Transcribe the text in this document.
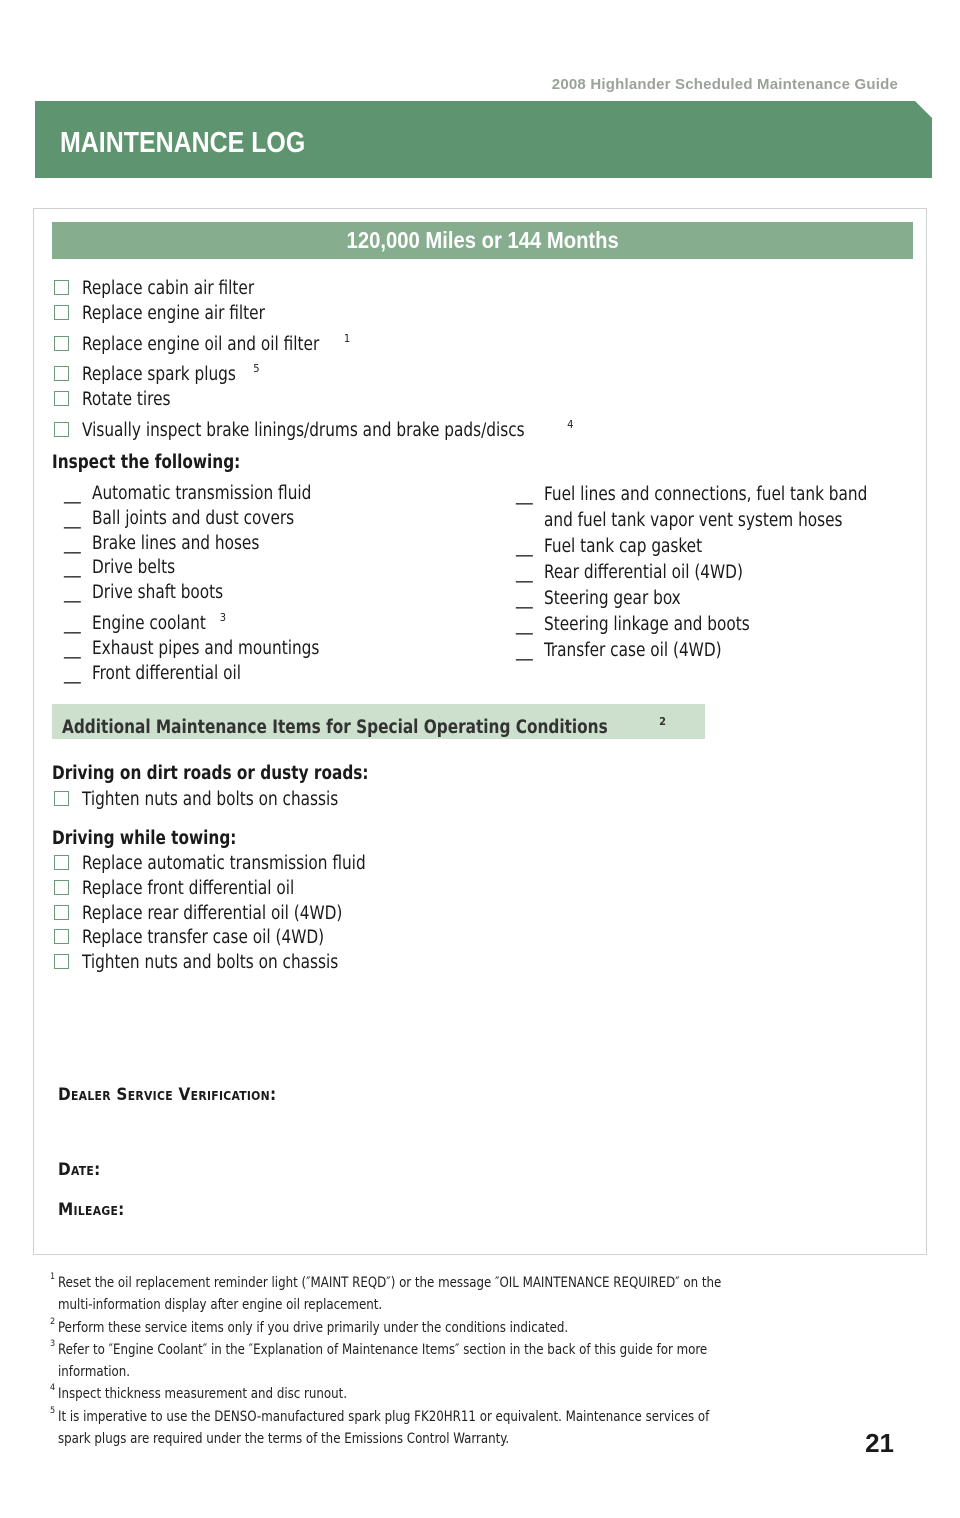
2008 Highlander Scheduled Maintenance Guide
MAINTENANCE LOG
120,000 Miles or 144 Months
Replace cabin air filter
Replace engine air filter
Replace engine oil and oil filter $^1$
Replace spark plugs $^5$
Rotate tires
Visually inspect brake linings/drums and brake pads/discs	$^4$
Inspect the following:
__ Automatic transmission fluid
__ Ball joints and dust covers
__ Brake lines and hoses
__ Drive belts
__ Drive shaft boots
__ Engine coolant $^3$
__ Exhaust pipes and mountings
__ Front differential oil
__ Fuel lines and connections, fuel tank band
and fuel tank vapor vent system hoses
__ Fuel tank cap gasket
__ Rear differential oil (4WD)
__ Steering gear box
__ Steering linkage and boots
__ Transfer case oil (4WD)
Additional Maintenance Items for Special Operating Conditions	$^2$
Driving on dirt roads or dusty roads:
Tighten nuts and bolts on chassis
Driving while towing:
Replace automatic transmission fluid
Replace front differential oil
Replace rear differential oil (4WD)
Replace transfer case oil (4WD)
Tighten nuts and bolts on chassis
Dealer Service Verification:
Date:
Mileage:
1 Reset the oil replacement reminder light (″MAINT REQD″) or the message ″OIL MAINTENANCE REQUIRED″ on the
multi-information display after engine oil replacement.
2 Perform these service items only if you drive primarily under the conditions indicated.
3 Refer to ″Engine Coolant″ in the ″Explanation of Maintenance Items″ section in the back of this guide for more
information.
4 Inspect thickness measurement and disc runout.
5 It is imperative to use the DENSO-manufactured spark plug FK20HR11 or equivalent. Maintenance services of
spark plugs are required under the terms of the Emissions Control Warranty.	21
